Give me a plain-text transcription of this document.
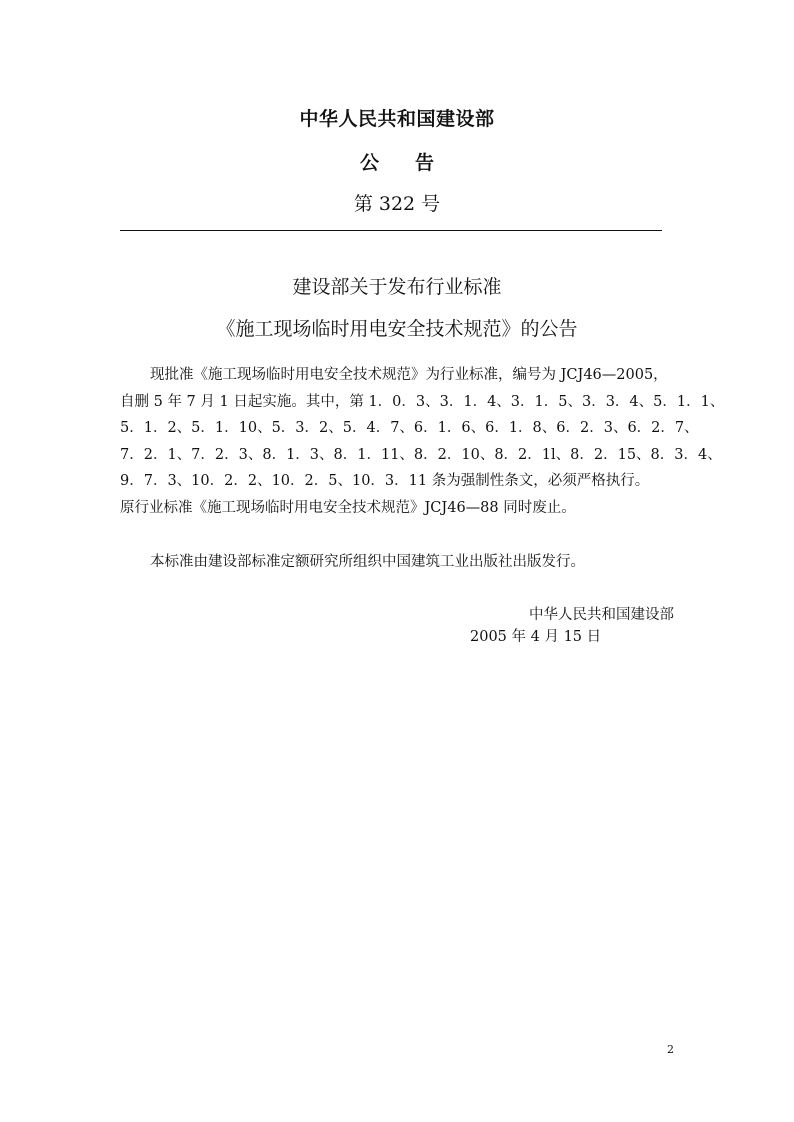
中华人民共和国建设部
公 告
第 322 号
建设部关于发布行业标准
《施工现场临时用电安全技术规范》的公告
现批准《施工现场临时用电安全技术规范》为行业标准，编号为 JCJ46—2005，
自删 5 年 7 月 1 日起实施。其中，第 1．0．3、3．1．4、3．1．5、3．3．4、5．1．1、
5．1．2、5．1．10、5．3．2、5．4．7、6．1．6、6．1．8、6．2．3、6．2．7、
7．2．1、7．2．3、8．1．3、8．1．11、8．2．10、8．2．1l、8．2．15、8．3．4、
9．7．3、10．2．2、10．2．5、10．3．11 条为强制性条文，必须严格执行。
原行业标准《施工现场临时用电安全技术规范》JCJ46—88 同时废止。
本标准由建设部标准定额研究所组织中国建筑工业出版社出版发行。
中华人民共和国建设部
2005 年 4 月 15 日
2
